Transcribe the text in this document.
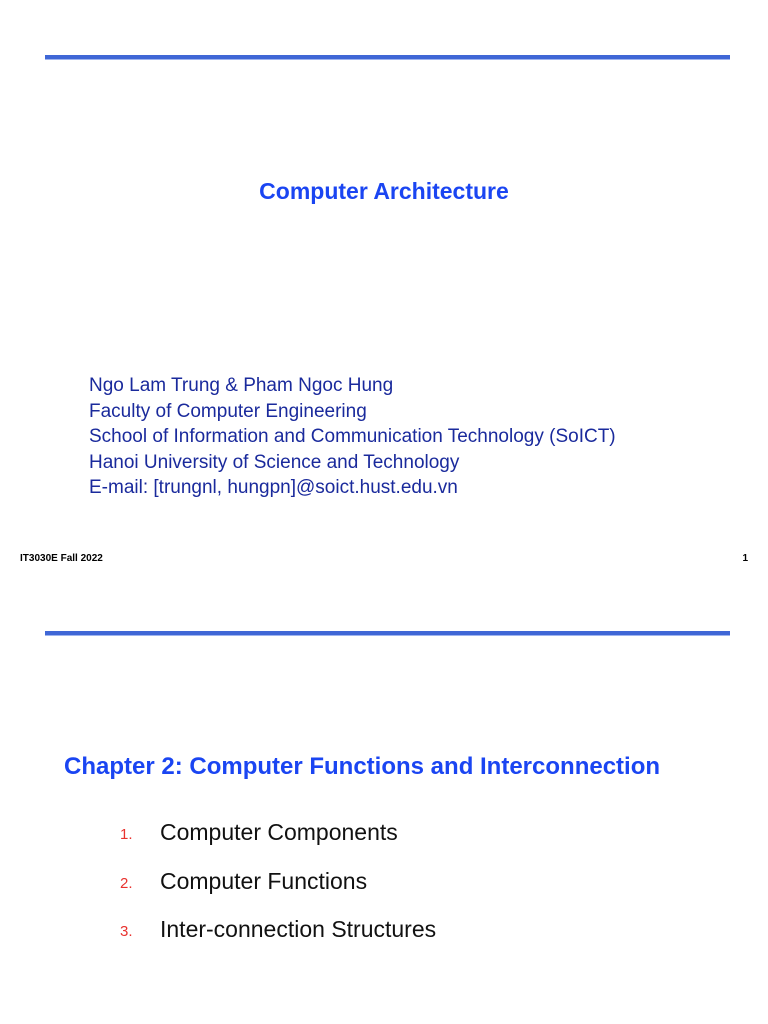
Computer Architecture
Ngo Lam Trung & Pham Ngoc Hung
Faculty of Computer Engineering
School of Information and Communication Technology (SoICT)
Hanoi University of Science and Technology
E-mail: [trungnl, hungpn]@soict.hust.edu.vn
IT3030E Fall 2022	1
Chapter 2: Computer Functions and Interconnection
1. Computer Components
2. Computer Functions
3. Inter-connection Structures
